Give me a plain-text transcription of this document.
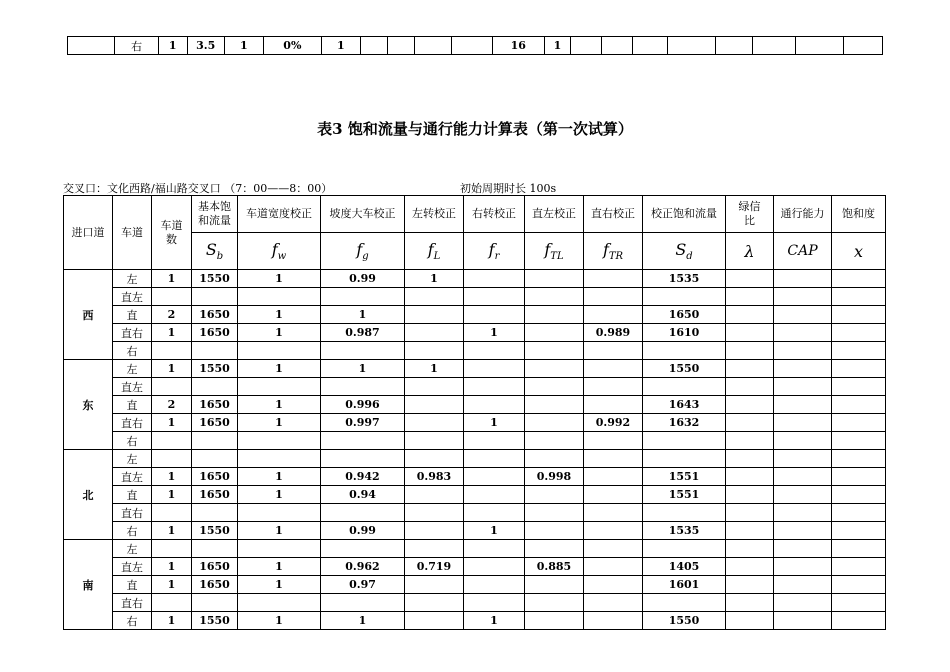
	右	1	3.5	1	0%	1					16	1								
表3 饱和流量与通行能力计算表（第一次试算）
交叉口：文化西路/福山路交叉口 （7：00——8：00）	初始周期时长 100s
进口道	车道	车道数	基本饱和流量	车道宽度校正	坡度大车校正	左转校正	右转校正	直左校正	直右校正	校正饱和流量	绿信比	通行能力	饱和度
			$S_b$	$f_w$	$f_g$	$f_L$	$f_r$	$f_{TL}$	$f_{TR}$	$S_d$	λ	CAP	x
西	左	1	1550	1	0.99	1				1535			
	直左												
	直	2	1650	1	1					1650			
	直右	1	1650	1	0.987		1		0.989	1610			
	右												
东	左	1	1550	1	1	1				1550			
	直左												
	直	2	1650	1	0.996					1643			
	直右	1	1650	1	0.997		1		0.992	1632			
	右												
北	左												
	直左	1	1650	1	0.942	0.983		0.998		1551			
	直	1	1650	1	0.94					1551			
	直右												
	右	1	1550	1	0.99		1			1535			
南	左												
	直左	1	1650	1	0.962	0.719		0.885		1405			
	直	1	1650	1	0.97					1601			
	直右												
	右	1	1550	1	1		1			1550			
